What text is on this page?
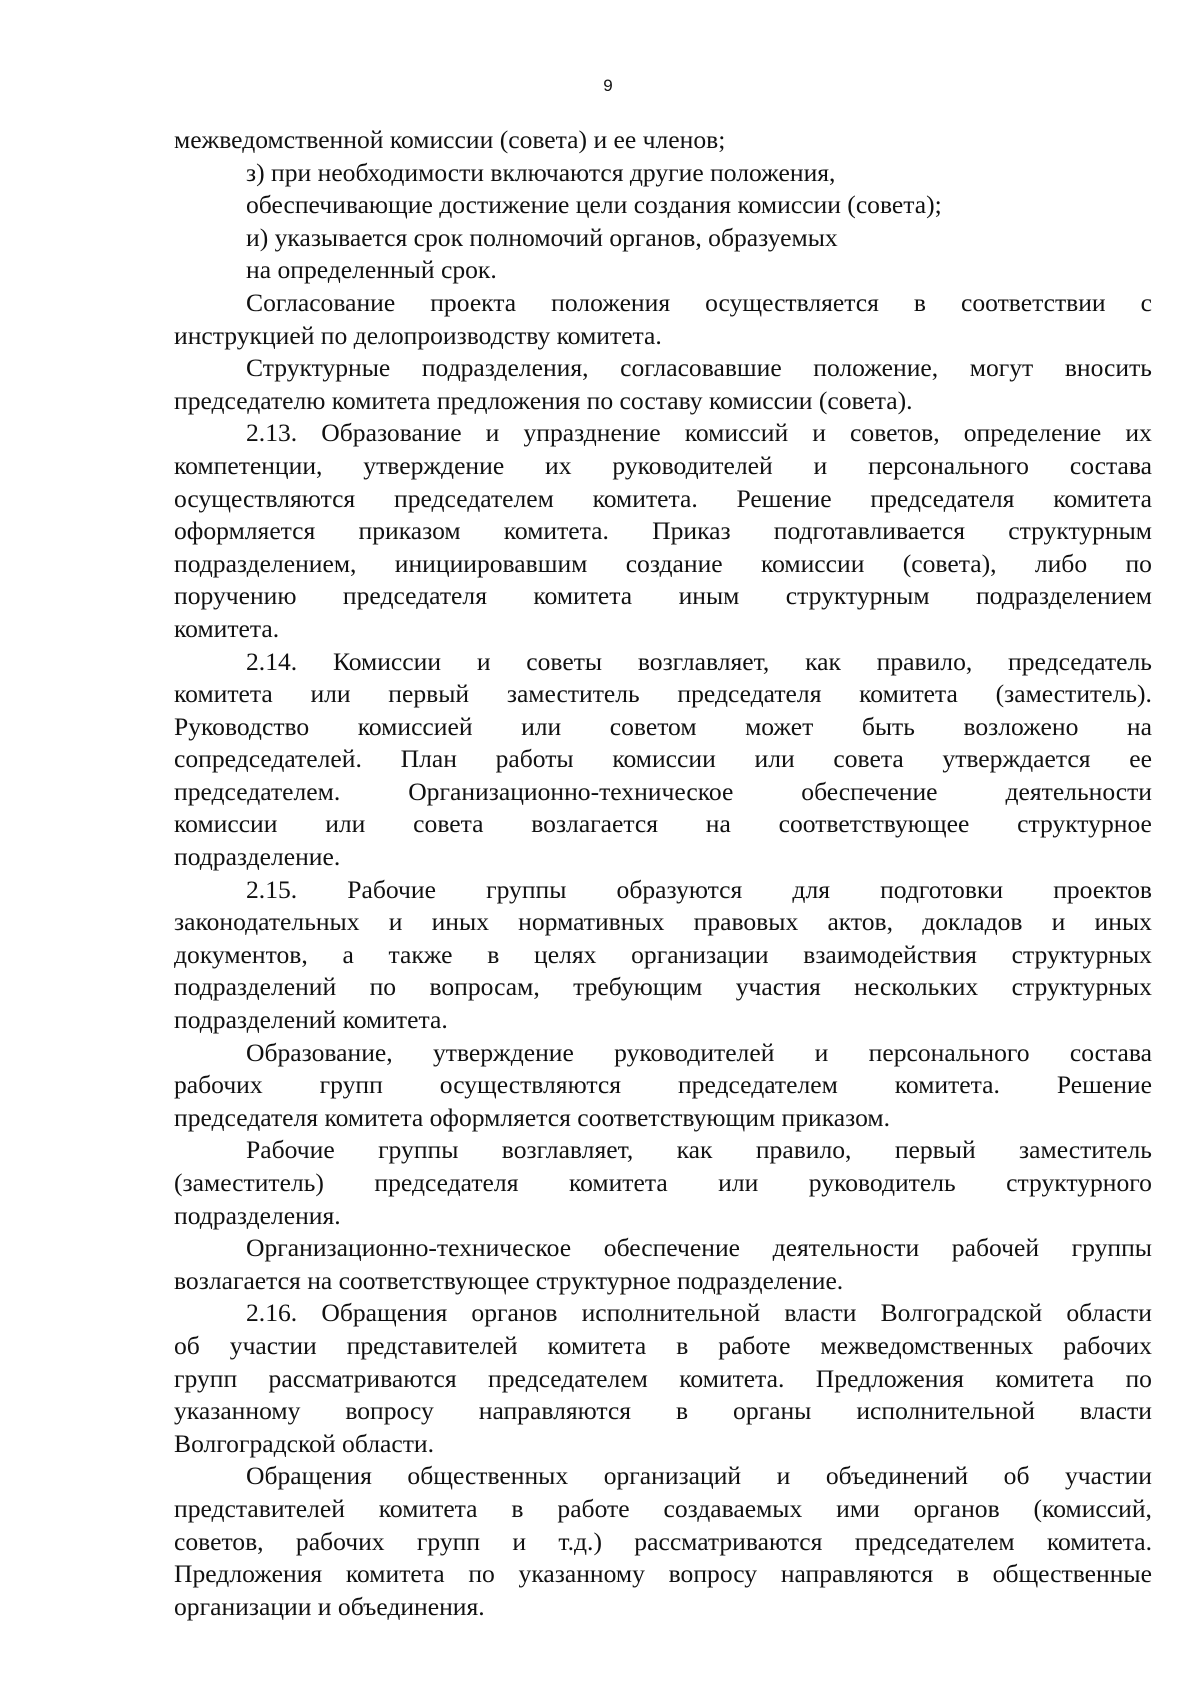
9
межведомственной комиссии (совета) и ее членов;
з) при необходимости включаются другие положения,
обеспечивающие достижение цели создания комиссии (совета);
и) указывается срок полномочий органов, образуемых
на определенный срок.
Согласование проекта положения осуществляется в соответствии с
инструкцией по делопроизводству комитета.
Структурные подразделения, согласовавшие положение, могут вносить
председателю комитета предложения по составу комиссии (совета).
2.13. Образование и упразднение комиссий и советов, определение их
компетенции, утверждение их руководителей и персонального состава
осуществляются председателем комитета. Решение председателя комитета
оформляется приказом комитета. Приказ подготавливается структурным
подразделением, инициировавшим создание комиссии (совета), либо по
поручению председателя комитета иным структурным подразделением
комитета.
2.14. Комиссии и советы возглавляет, как правило, председатель
комитета или первый заместитель председателя комитета (заместитель).
Руководство комиссией или советом может быть возложено на
сопредседателей. План работы комиссии или совета утверждается ее
председателем.	Организационно-техническое	обеспечение	деятельности
комиссии или совета возлагается на соответствующее структурное
подразделение.
2.15. Рабочие группы образуются для подготовки проектов
законодательных и иных нормативных правовых актов, докладов и иных
документов, а также в целях организации взаимодействия структурных
подразделений по вопросам, требующим участия нескольких структурных
подразделений комитета.
Образование, утверждение руководителей и персонального состава
рабочих групп осуществляются председателем комитета. Решение
председателя комитета оформляется соответствующим приказом.
Рабочие группы возглавляет, как правило, первый заместитель
(заместитель) председателя комитета или руководитель структурного
подразделения.
Организационно-техническое обеспечение деятельности рабочей группы
возлагается на соответствующее структурное подразделение.
2.16. Обращения органов исполнительной власти Волгоградской области
об участии представителей комитета в работе межведомственных рабочих
групп рассматриваются председателем комитета. Предложения комитета по
указанному вопросу направляются в органы исполнительной власти
Волгоградской области.
Обращения общественных организаций и объединений об участии
представителей комитета в работе создаваемых ими органов (комиссий,
советов, рабочих групп и т.д.) рассматриваются председателем комитета.
Предложения комитета по указанному вопросу направляются в общественные
организации и объединения.
